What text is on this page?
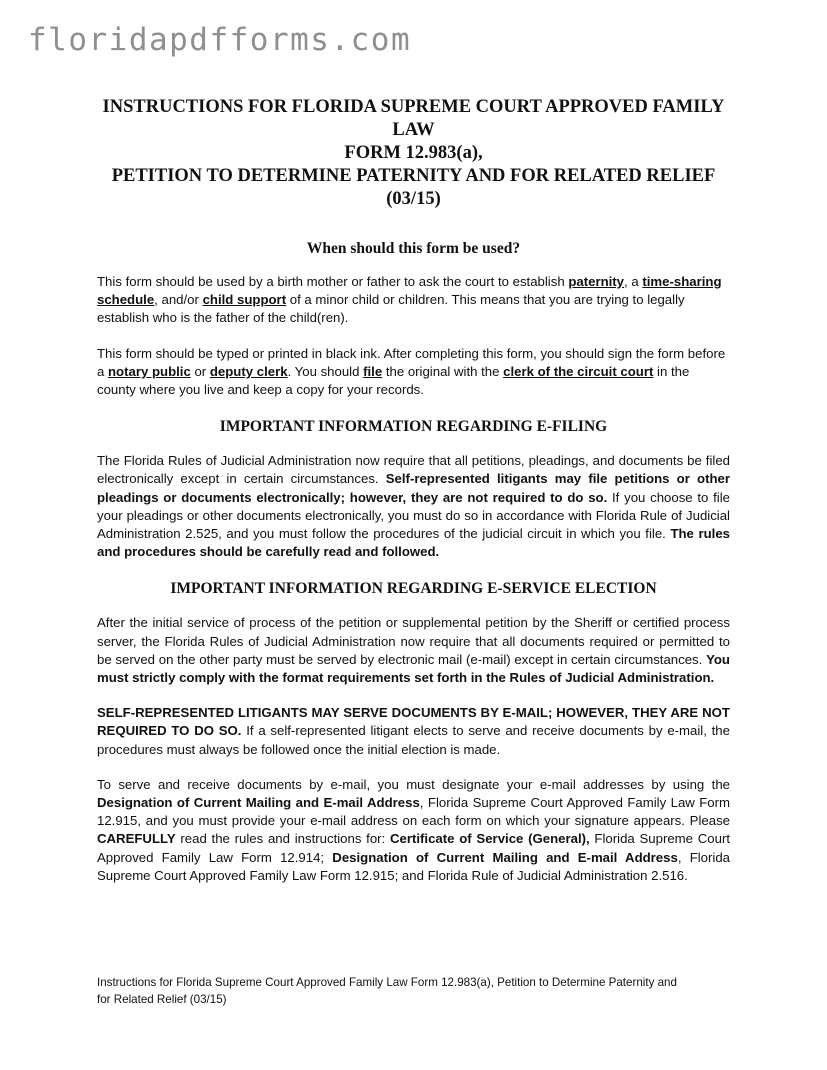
floridapdfforms.com
INSTRUCTIONS FOR FLORIDA SUPREME COURT APPROVED FAMILY LAW
FORM 12.983(a),
PETITION TO DETERMINE PATERNITY AND FOR RELATED RELIEF
(03/15)
When should this form be used?

This form should be used by a birth mother or father to ask the court to establish paternity, a time-sharing schedule, and/or child support of a minor child or children. This means that you are trying to legally establish who is the father of the child(ren).

This form should be typed or printed in black ink. After completing this form, you should sign the form before a notary public or deputy clerk. You should file the original with the clerk of the circuit court in the county where you live and keep a copy for your records.

IMPORTANT INFORMATION REGARDING E-FILING

The Florida Rules of Judicial Administration now require that all petitions, pleadings, and documents be filed electronically except in certain circumstances. Self-represented litigants may file petitions or other pleadings or documents electronically; however, they are not required to do so. If you choose to file your pleadings or other documents electronically, you must do so in accordance with Florida Rule of Judicial Administration 2.525, and you must follow the procedures of the judicial circuit in which you file. The rules and procedures should be carefully read and followed.

IMPORTANT INFORMATION REGARDING E-SERVICE ELECTION

After the initial service of process of the petition or supplemental petition by the Sheriff or certified process server, the Florida Rules of Judicial Administration now require that all documents required or permitted to be served on the other party must be served by electronic mail (e-mail) except in certain circumstances. You must strictly comply with the format requirements set forth in the Rules of Judicial Administration.

SELF-REPRESENTED LITIGANTS MAY SERVE DOCUMENTS BY E-MAIL; HOWEVER, THEY ARE NOT REQUIRED TO DO SO. If a self-represented litigant elects to serve and receive documents by e-mail, the procedures must always be followed once the initial election is made.

To serve and receive documents by e-mail, you must designate your e-mail addresses by using the Designation of Current Mailing and E-mail Address, Florida Supreme Court Approved Family Law Form 12.915, and you must provide your e-mail address on each form on which your signature appears. Please CAREFULLY read the rules and instructions for: Certificate of Service (General), Florida Supreme Court Approved Family Law Form 12.914; Designation of Current Mailing and E-mail Address, Florida Supreme Court Approved Family Law Form 12.915; and Florida Rule of Judicial Administration 2.516.

Instructions for Florida Supreme Court Approved Family Law Form 12.983(a), Petition to Determine Paternity and
for Related Relief (03/15)
